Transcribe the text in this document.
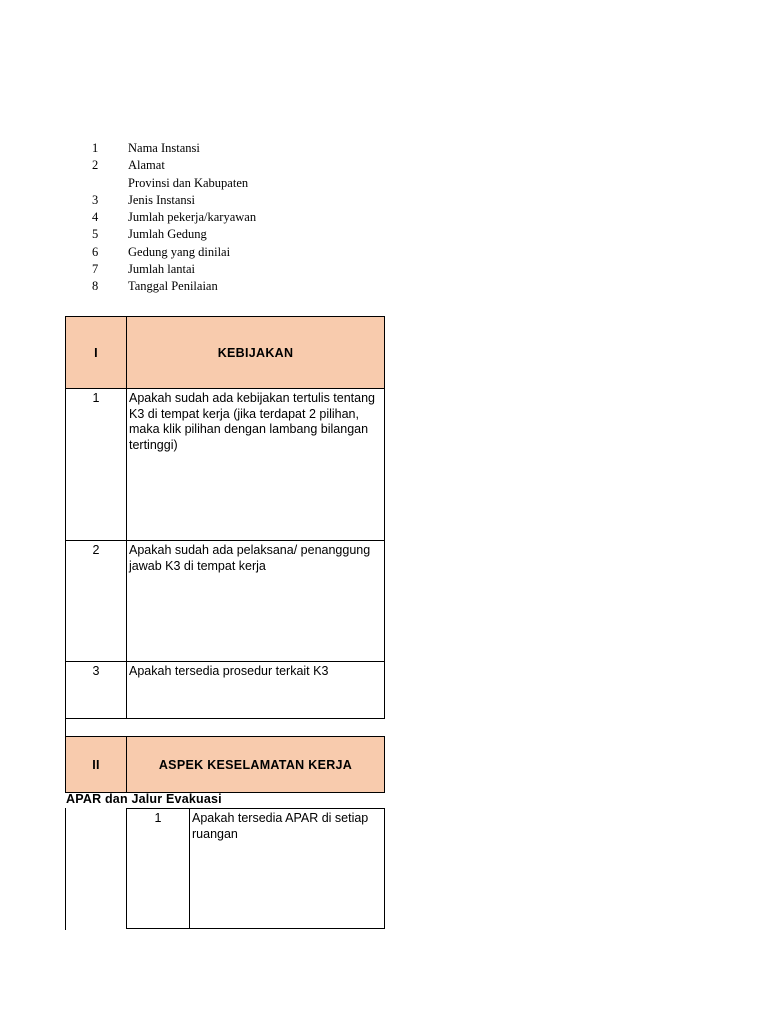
1 Nama Instansi
2 Alamat
Provinsi dan Kabupaten
3 Jenis Instansi
4 Jumlah pekerja/karyawan
5 Jumlah Gedung
6 Gedung yang dinilai
7 Jumlah lantai
8 Tanggal Penilaian
I	KEBIJAKAN
1	Apakah sudah ada kebijakan tertulis tentang K3 di tempat kerja (jika terdapat 2 pilihan, maka klik pilihan dengan lambang bilangan tertinggi)
2	Apakah sudah ada pelaksana/ penanggung jawab K3 di tempat kerja
3	Apakah tersedia prosedur terkait K3
II	ASPEK KESELAMATAN KERJA
APAR dan Jalur Evakuasi
1	Apakah tersedia APAR di setiap ruangan
